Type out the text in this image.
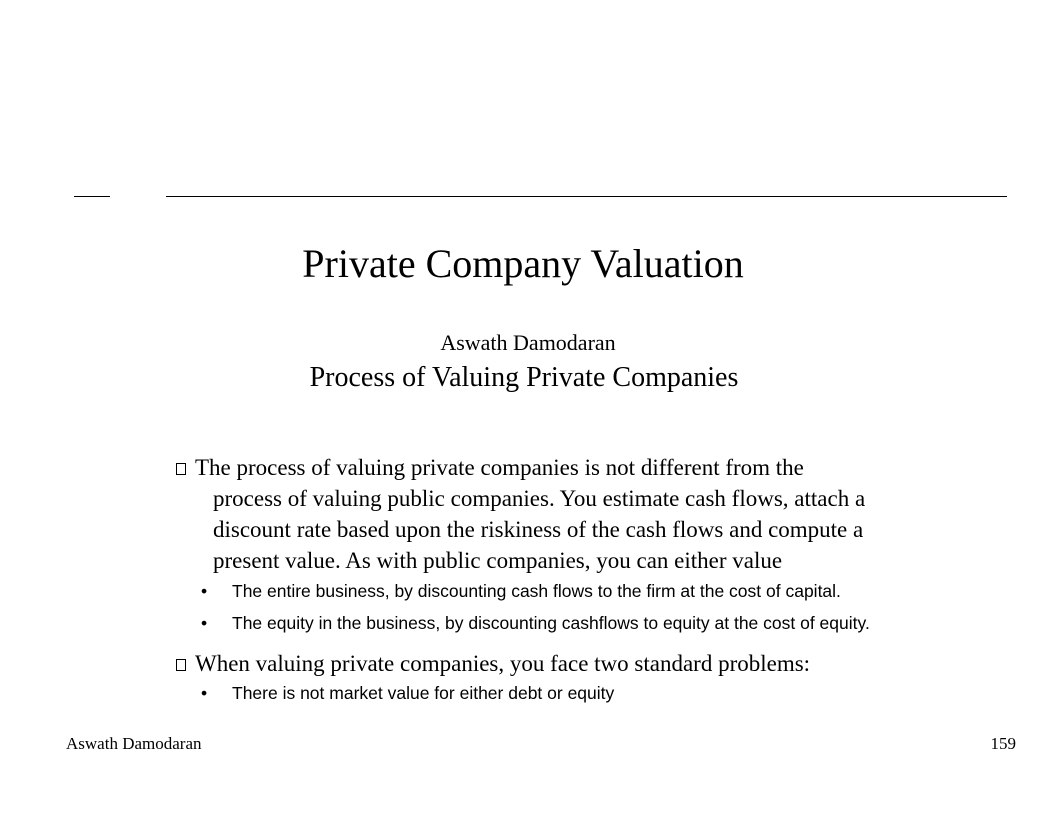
Private Company Valuation
Aswath Damodaran
Process of Valuing Private Companies
The process of valuing private companies is not different from the
process of valuing public companies. You estimate cash flows, attach a
discount rate based upon the riskiness of the cash flows and compute a
present value. As with public companies, you can either value
• The entire business, by discounting cash flows to the firm at the cost of capital.
• The equity in the business, by discounting cashflows to equity at the cost of equity.
When valuing private companies, you face two standard problems:
• There is not market value for either debt or equity
Aswath Damodaran	159
